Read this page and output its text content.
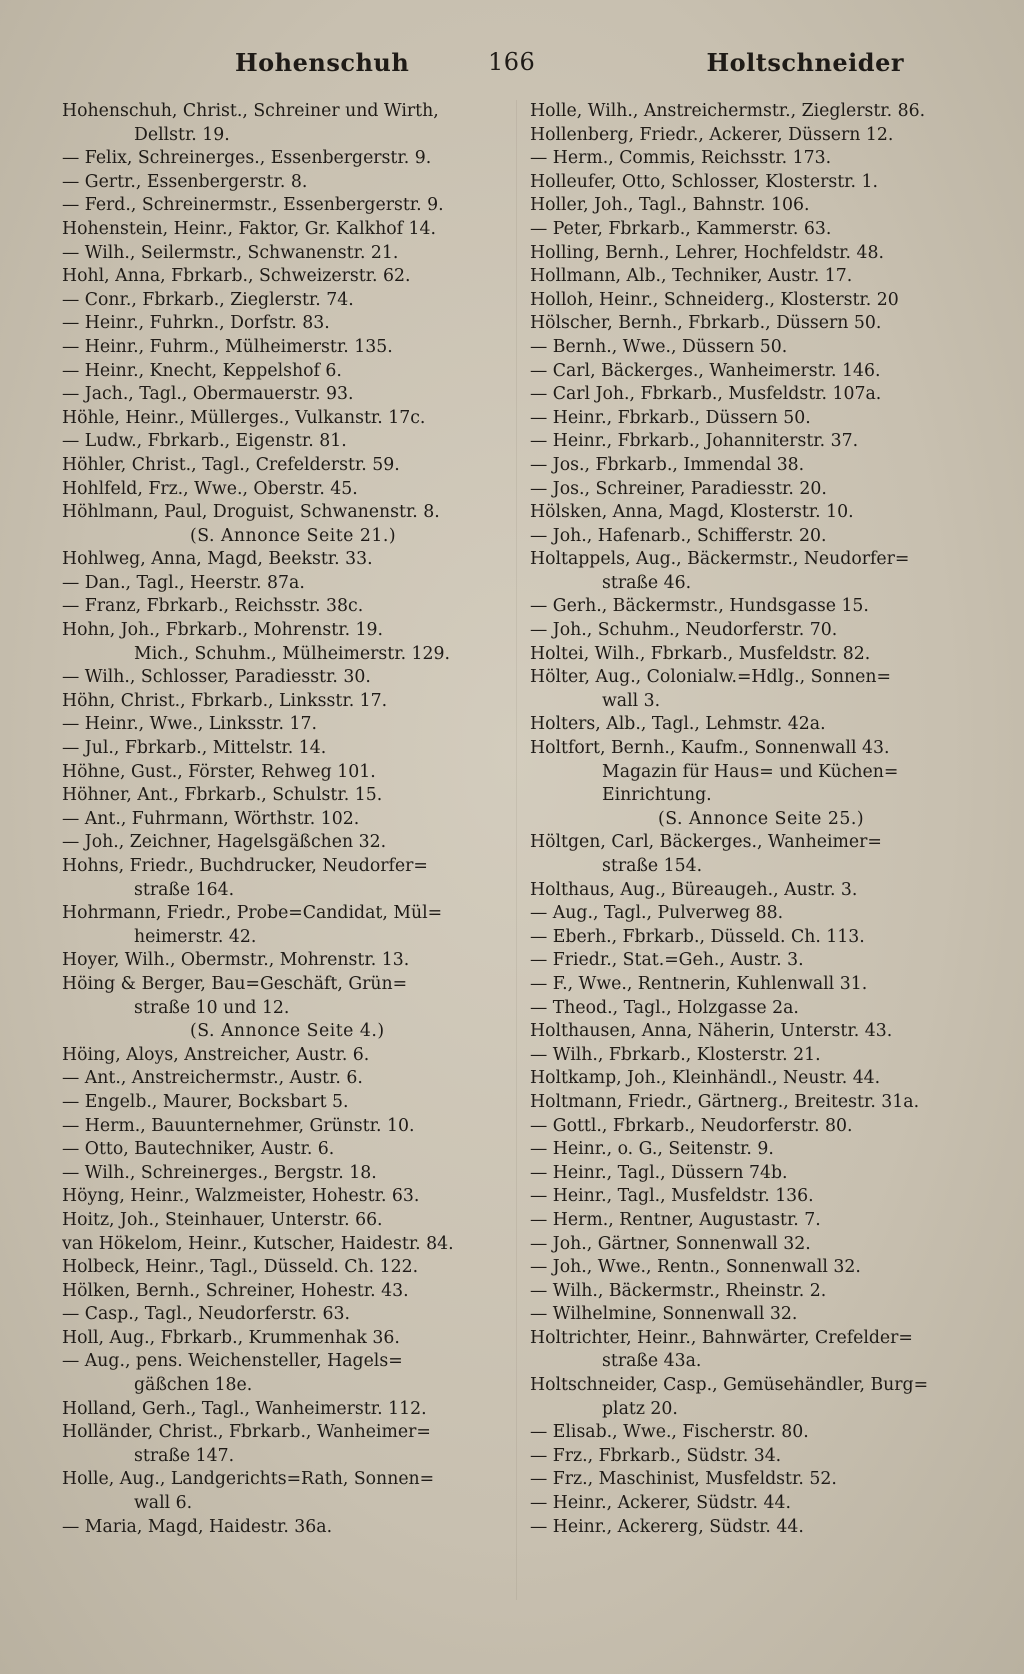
Hohenschuh	166	Holtschneider
Hohenschuh, Christ., Schreiner und Wirth,
Dellstr. 19.
— Felix, Schreinerges., Essenbergerstr. 9.
— Gertr., Essenbergerstr. 8.
— Ferd., Schreinermstr., Essenbergerstr. 9.
Hohenstein, Heinr., Faktor, Gr. Kalkhof 14.
— Wilh., Seilermstr., Schwanenstr. 21.
Hohl, Anna, Fbrkarb., Schweizerstr. 62.
— Conr., Fbrkarb., Zieglerstr. 74.
— Heinr., Fuhrkn., Dorfstr. 83.
— Heinr., Fuhrm., Mülheimerstr. 135.
— Heinr., Knecht, Keppelshof 6.
— Jach., Tagl., Obermauerstr. 93.
Höhle, Heinr., Müllerges., Vulkanstr. 17c.
— Ludw., Fbrkarb., Eigenstr. 81.
Höhler, Christ., Tagl., Crefelderstr. 59.
Hohlfeld, Frz., Wwe., Oberstr. 45.
Höhlmann, Paul, Droguist, Schwanenstr. 8.
(S. Annonce Seite 21.)
Hohlweg, Anna, Magd, Beekstr. 33.
— Dan., Tagl., Heerstr. 87a.
— Franz, Fbrkarb., Reichsstr. 38c.
Hohn, Joh., Fbrkarb., Mohrenstr. 19.
Mich., Schuhm., Mülheimerstr. 129.
— Wilh., Schlosser, Paradiesstr. 30.
Höhn, Christ., Fbrkarb., Linksstr. 17.
— Heinr., Wwe., Linksstr. 17.
— Jul., Fbrkarb., Mittelstr. 14.
Höhne, Gust., Förster, Rehweg 101.
Höhner, Ant., Fbrkarb., Schulstr. 15.
— Ant., Fuhrmann, Wörthstr. 102.
— Joh., Zeichner, Hagelsgäßchen 32.
Hohns, Friedr., Buchdrucker, Neudorfer=
straße 164.
Hohrmann, Friedr., Probe=Candidat, Mül=
heimerstr. 42.
Hoyer, Wilh., Obermstr., Mohrenstr. 13.
Höing & Berger, Bau=Geschäft, Grün=
straße 10 und 12.
(S. Annonce Seite 4.)
Höing, Aloys, Anstreicher, Austr. 6.
— Ant., Anstreichermstr., Austr. 6.
— Engelb., Maurer, Bocksbart 5.
— Herm., Bauunternehmer, Grünstr. 10.
— Otto, Bautechniker, Austr. 6.
— Wilh., Schreinerges., Bergstr. 18.
Höyng, Heinr., Walzmeister, Hohestr. 63.
Hoitz, Joh., Steinhauer, Unterstr. 66.
van Hökelom, Heinr., Kutscher, Haidestr. 84.
Holbeck, Heinr., Tagl., Düsseld. Ch. 122.
Hölken, Bernh., Schreiner, Hohestr. 43.
— Casp., Tagl., Neudorferstr. 63.
Holl, Aug., Fbrkarb., Krummenhak 36.
— Aug., pens. Weichensteller, Hagels=
gäßchen 18e.
Holland, Gerh., Tagl., Wanheimerstr. 112.
Holländer, Christ., Fbrkarb., Wanheimer=
straße 147.
Holle, Aug., Landgerichts=Rath, Sonnen=
wall 6.
— Maria, Magd, Haidestr. 36a.
Holle, Wilh., Anstreichermstr., Zieglerstr. 86.
Hollenberg, Friedr., Ackerer, Düssern 12.
— Herm., Commis, Reichsstr. 173.
Holleufer, Otto, Schlosser, Klosterstr. 1.
Holler, Joh., Tagl., Bahnstr. 106.
— Peter, Fbrkarb., Kammerstr. 63.
Holling, Bernh., Lehrer, Hochfeldstr. 48.
Hollmann, Alb., Techniker, Austr. 17.
Holloh, Heinr., Schneiderg., Klosterstr. 20
Hölscher, Bernh., Fbrkarb., Düssern 50.
— Bernh., Wwe., Düssern 50.
— Carl, Bäckerges., Wanheimerstr. 146.
— Carl Joh., Fbrkarb., Musfeldstr. 107a.
— Heinr., Fbrkarb., Düssern 50.
— Heinr., Fbrkarb., Johanniterstr. 37.
— Jos., Fbrkarb., Immendal 38.
— Jos., Schreiner, Paradiesstr. 20.
Hölsken, Anna, Magd, Klosterstr. 10.
— Joh., Hafenarb., Schifferstr. 20.
Holtappels, Aug., Bäckermstr., Neudorfer=
straße 46.
— Gerh., Bäckermstr., Hundsgasse 15.
— Joh., Schuhm., Neudorferstr. 70.
Holtei, Wilh., Fbrkarb., Musfeldstr. 82.
Hölter, Aug., Colonialw.=Hdlg., Sonnen=
wall 3.
Holters, Alb., Tagl., Lehmstr. 42a.
Holtfort, Bernh., Kaufm., Sonnenwall 43.
Magazin für Haus= und Küchen=
Einrichtung.
(S. Annonce Seite 25.)
Höltgen, Carl, Bäckerges., Wanheimer=
straße 154.
Holthaus, Aug., Büreaugeh., Austr. 3.
— Aug., Tagl., Pulverweg 88.
— Eberh., Fbrkarb., Düsseld. Ch. 113.
— Friedr., Stat.=Geh., Austr. 3.
— F., Wwe., Rentnerin, Kuhlenwall 31.
— Theod., Tagl., Holzgasse 2a.
Holthausen, Anna, Näherin, Unterstr. 43.
— Wilh., Fbrkarb., Klosterstr. 21.
Holtkamp, Joh., Kleinhändl., Neustr. 44.
Holtmann, Friedr., Gärtnerg., Breitestr. 31a.
— Gottl., Fbrkarb., Neudorferstr. 80.
— Heinr., o. G., Seitenstr. 9.
— Heinr., Tagl., Düssern 74b.
— Heinr., Tagl., Musfeldstr. 136.
— Herm., Rentner, Augustastr. 7.
— Joh., Gärtner, Sonnenwall 32.
— Joh., Wwe., Rentn., Sonnenwall 32.
— Wilh., Bäckermstr., Rheinstr. 2.
— Wilhelmine, Sonnenwall 32.
Holtrichter, Heinr., Bahnwärter, Crefelder=
straße 43a.
Holtschneider, Casp., Gemüsehändler, Burg=
platz 20.
— Elisab., Wwe., Fischerstr. 80.
— Frz., Fbrkarb., Südstr. 34.
— Frz., Maschinist, Musfeldstr. 52.
— Heinr., Ackerer, Südstr. 44.
— Heinr., Ackererg, Südstr. 44.
